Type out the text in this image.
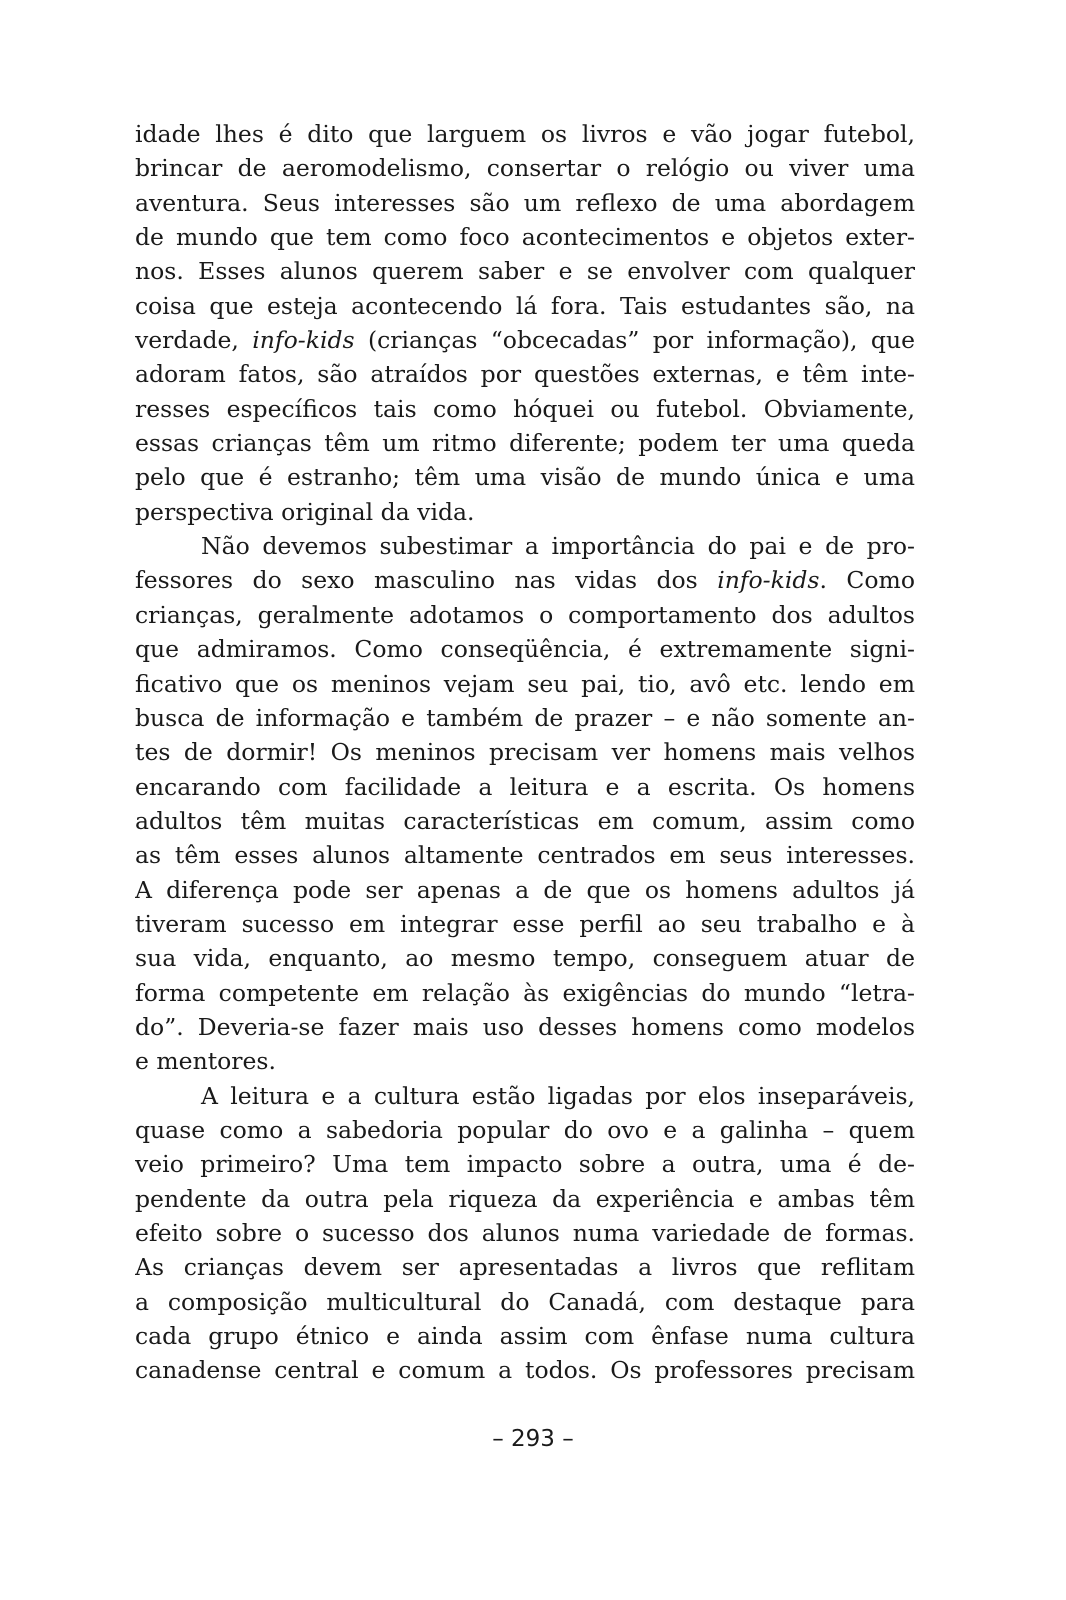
idade lhes é dito que larguem os livros e vão jogar futebol,
brincar de aeromodelismo, consertar o relógio ou viver uma
aventura. Seus interesses são um reflexo de uma abordagem
de mundo que tem como foco acontecimentos e objetos exter-
nos. Esses alunos querem saber e se envolver com qualquer
coisa que esteja acontecendo lá fora. Tais estudantes são, na
verdade, info-kids (crianças “obcecadas” por informação), que
adoram fatos, são atraídos por questões externas, e têm inte-
resses específicos tais como hóquei ou futebol. Obviamente,
essas crianças têm um ritmo diferente; podem ter uma queda
pelo que é estranho; têm uma visão de mundo única e uma
perspectiva original da vida.
Não devemos subestimar a importância do pai e de pro-
fessores do sexo masculino nas vidas dos info-kids. Como
crianças, geralmente adotamos o comportamento dos adultos
que admiramos. Como conseqüência, é extremamente signi-
ficativo que os meninos vejam seu pai, tio, avô etc. lendo em
busca de informação e também de prazer – e não somente an-
tes de dormir! Os meninos precisam ver homens mais velhos
encarando com facilidade a leitura e a escrita. Os homens
adultos têm muitas características em comum, assim como
as têm esses alunos altamente centrados em seus interesses.
A diferença pode ser apenas a de que os homens adultos já
tiveram sucesso em integrar esse perfil ao seu trabalho e à
sua vida, enquanto, ao mesmo tempo, conseguem atuar de
forma competente em relação às exigências do mundo “letra-
do”. Deveria-se fazer mais uso desses homens como modelos
e mentores.
A leitura e a cultura estão ligadas por elos inseparáveis,
quase como a sabedoria popular do ovo e a galinha – quem
veio primeiro? Uma tem impacto sobre a outra, uma é de-
pendente da outra pela riqueza da experiência e ambas têm
efeito sobre o sucesso dos alunos numa variedade de formas.
As crianças devem ser apresentadas a livros que reflitam
a composição multicultural do Canadá, com destaque para
cada grupo étnico e ainda assim com ênfase numa cultura
canadense central e comum a todos. Os professores precisam
– 293 –
